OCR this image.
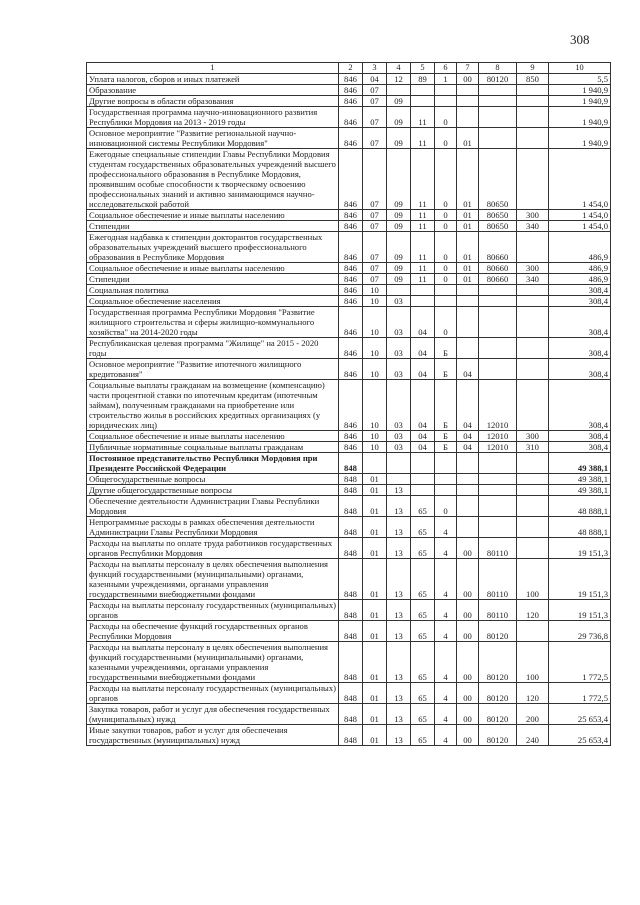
308
1	2	3	4	5	6	7	8	9	10
Уплата налогов, сборов и иных платежей	846	04	12	89	1	00	80120	850	5,5
Образование	846	07							1 940,9
Другие вопросы в области образования	846	07	09						1 940,9
Государственная программа научно-инновационного развития Республики Мордовия на 2013 - 2019 годы	846	07	09	11	0				1 940,9
Основное мероприятие "Развитие региональной научно-инновационной системы Республики Мордовия"	846	07	09	11	0	01			1 940,9
Ежегодные специальные стипендии Главы Республики Мордовия студентам государственных образовательных учреждений высшего профессионального образования в Республике Мордовия, проявившим особые способности к творческому освоению профессиональных знаний и активно занимающимся научно-исследовательской работой	846	07	09	11	0	01	80650		1 454,0
Социальное обеспечение и иные выплаты населению	846	07	09	11	0	01	80650	300	1 454,0
Стипендии	846	07	09	11	0	01	80650	340	1 454,0
Ежегодная надбавка к стипендии докторантов государственных образовательных учреждений высшего профессионального образования в Республике Мордовия	846	07	09	11	0	01	80660		486,9
Социальное обеспечение и иные выплаты населению	846	07	09	11	0	01	80660	300	486,9
Стипендии	846	07	09	11	0	01	80660	340	486,9
Социальная политика	846	10							308,4
Социальное обеспечение населения	846	10	03						308,4
Государственная программа Республики Мордовия "Развитие жилищного строительства и сферы жилищно-коммунального хозяйства" на 2014-2020 годы	846	10	03	04	0				308,4
Республиканская целевая программа "Жилище" на 2015 - 2020 годы	846	10	03	04	Б				308,4
Основное мероприятие "Развитие ипотечного жилищного кредитования"	846	10	03	04	Б	04			308,4
Социальные выплаты гражданам на возмещение (компенсацию) части процентной ставки по ипотечным кредитам (ипотечным займам), полученным гражданами на приобретение или строительство жилья в российских кредитных организациях (у юридических лиц)	846	10	03	04	Б	04	12010		308,4
Социальное обеспечение и иные выплаты населению	846	10	03	04	Б	04	12010	300	308,4
Публичные нормативные социальные выплаты гражданам	846	10	03	04	Б	04	12010	310	308,4
Постоянное представительство Республики Мордовия при Президенте Российской Федерации	848								49 388,1
Общегосударственные вопросы	848	01							49 388,1
Другие общегосударственные вопросы	848	01	13						49 388,1
Обеспечение деятельности Администрации Главы Республики Мордовия	848	01	13	65	0				48 888,1
Непрограммные расходы в рамках обеспечения деятельности Администрации Главы Республики Мордовия	848	01	13	65	4				48 888,1
Расходы на выплаты по оплате труда работников государственных органов Республики Мордовия	848	01	13	65	4	00	80110		19 151,3
Расходы на выплаты персоналу в целях обеспечения выполнения функций государственными (муниципальными) органами, казенными учреждениями, органами управления государственными внебюджетными фондами	848	01	13	65	4	00	80110	100	19 151,3
Расходы на выплаты персоналу государственных (муниципальных) органов	848	01	13	65	4	00	80110	120	19 151,3
Расходы на обеспечение функций государственных органов Республики Мордовия	848	01	13	65	4	00	80120		29 736,8
Расходы на выплаты персоналу в целях обеспечения выполнения функций государственными (муниципальными) органами, казенными учреждениями, органами управления государственными внебюджетными фондами	848	01	13	65	4	00	80120	100	1 772,5
Расходы на выплаты персоналу государственных (муниципальных) органов	848	01	13	65	4	00	80120	120	1 772,5
Закупка товаров, работ и услуг для обеспечения государственных (муниципальных) нужд	848	01	13	65	4	00	80120	200	25 653,4
Иные закупки товаров, работ и услуг для обеспечения государственных (муниципальных) нужд	848	01	13	65	4	00	80120	240	25 653,4
